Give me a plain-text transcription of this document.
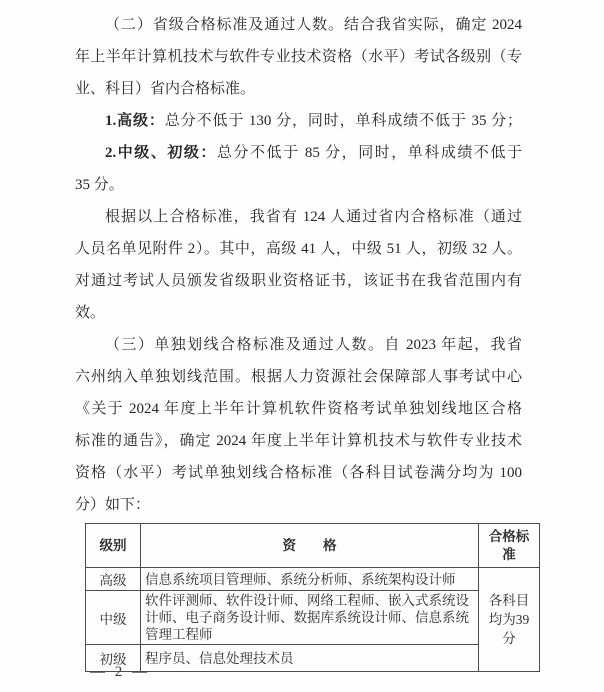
（二）省级合格标准及通过人数。结合我省实际，确定 2024
年上半年计算机技术与软件专业技术资格（水平）考试各级别（专
业、科目）省内合格标准。
1.高级：总分不低于 130 分，同时，单科成绩不低于 35 分；
2.中级、初级：总分不低于 85 分，同时，单科成绩不低于
35 分。
根据以上合格标准，我省有 124 人通过省内合格标准（通过
人员名单见附件 2）。其中，高级 41 人，中级 51 人，初级 32 人。
对通过考试人员颁发省级职业资格证书，该证书在我省范围内有
效。
（三）单独划线合格标准及通过人数。自 2023 年起，我省
六州纳入单独划线范围。根据人力资源社会保障部人事考试中心
《关于 2024 年度上半年计算机软件资格考试单独划线地区合格
标准的通告》，确定 2024 年度上半年计算机技术与软件专业技术
资格（水平）考试单独划线合格标准（各科目试卷满分均为 100
分）如下：
级别	资　　格	合格标准
高级	信息系统项目管理师、系统分析师、系统架构设计师	各科目均为39分
中级	软件评测师、软件设计师、网络工程师、嵌入式系统设计师、电子商务设计师、数据库系统设计师、信息系统管理工程师	
初级	程序员、信息处理技术员	
— 2 —
